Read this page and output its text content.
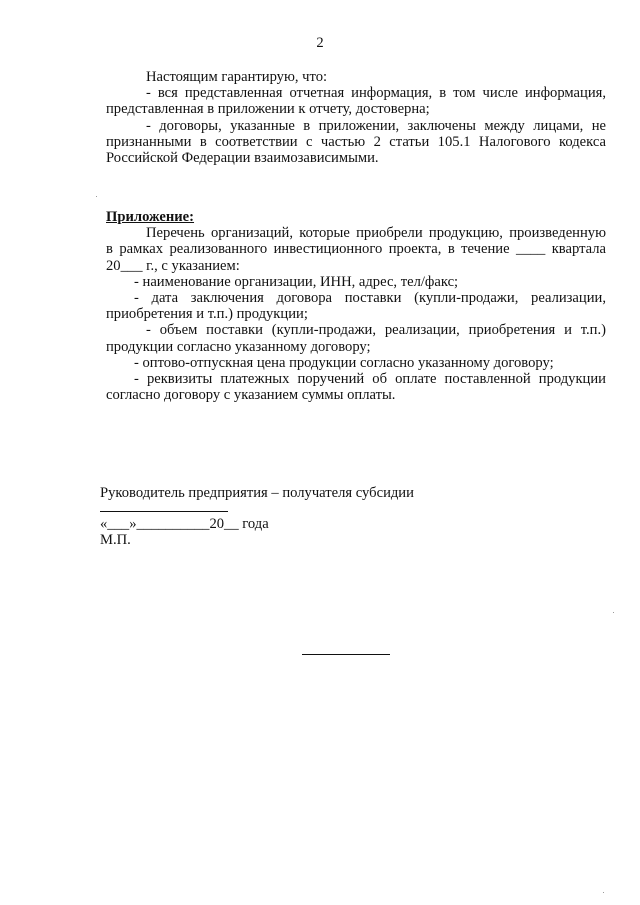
2
Настоящим гарантирую, что:
- вся представленная отчетная информация, в том числе информация,
представленная в приложении к отчету, достоверна;
- договоры, указанные в приложении, заключены между лицами, не
признанными в соответствии с частью 2 статьи 105.1 Налогового кодекса
Российской Федерации взаимозависимыми.
Приложение:
Перечень организаций, которые приобрели продукцию, произведенную
в рамках реализованного инвестиционного проекта, в течение ____ квартала
20___ г., с указанием:
- наименование организации, ИНН, адрес, тел/факс;
- дата заключения договора поставки (купли-продажи, реализации,
приобретения и т.п.) продукции;
- объем поставки (купли-продажи, реализации, приобретения и т.п.)
продукции согласно указанному договору;
- оптово-отпускная цена продукции согласно указанному договору;
- реквизиты платежных поручений об оплате поставленной продукции
согласно договору с указанием суммы оплаты.
Руководитель предприятия – получателя субсидии
«___»__________20__ года
М.П.
